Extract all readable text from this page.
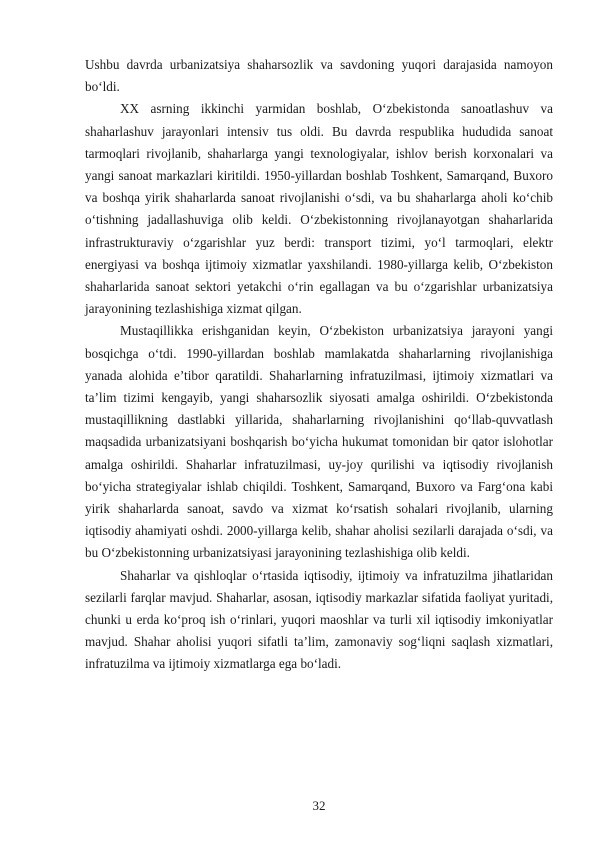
Ushbu davrda urbanizatsiya shaharsozlik va savdoning yuqori darajasida namoyon bo‘ldi.

XX asrning ikkinchi yarmidan boshlab, O‘zbekistonda sanoatlashuv va shaharlashuv jarayonlari intensiv tus oldi. Bu davrda respublika hududida sanoat tarmoqlari rivojlanib, shaharlarga yangi texnologiyalar, ishlov berish korxonalari va yangi sanoat markazlari kiritildi. 1950-yillardan boshlab Toshkent, Samarqand, Buxoro va boshqa yirik shaharlarda sanoat rivojlanishi o‘sdi, va bu shaharlarga aholi ko‘chib o‘tishning jadallashuviga olib keldi. O‘zbekistonning rivojlanayotgan shaharlarida infrastrukturaviy o‘zgarishlar yuz berdi: transport tizimi, yo‘l tarmoqlari, elektr energiyasi va boshqa ijtimoiy xizmatlar yaxshilandi. 1980-yillarga kelib, O‘zbekiston shaharlarida sanoat sektori yetakchi o‘rin egallagan va bu o‘zgarishlar urbanizatsiya jarayonining tezlashishiga xizmat qilgan.

Mustaqillikka erishganidan keyin, O‘zbekiston urbanizatsiya jarayoni yangi bosqichga o‘tdi. 1990-yillardan boshlab mamlakatda shaharlarning rivojlanishiga yanada alohida e’tibor qaratildi. Shaharlarning infratuzilmasi, ijtimoiy xizmatlari va ta’lim tizimi kengayib, yangi shaharsozlik siyosati amalga oshirildi. O‘zbekistonda mustaqillikning dastlabki yillarida, shaharlarning rivojlanishini qo‘llab-quvvatlash maqsadida urbanizatsiyani boshqarish bo‘yicha hukumat tomonidan bir qator islohotlar amalga oshirildi. Shaharlar infratuzilmasi, uy-joy qurilishi va iqtisodiy rivojlanish bo‘yicha strategiyalar ishlab chiqildi. Toshkent, Samarqand, Buxoro va Farg‘ona kabi yirik shaharlarda sanoat, savdo va xizmat ko‘rsatish sohalari rivojlanib, ularning iqtisodiy ahamiyati oshdi. 2000-yillarga kelib, shahar aholisi sezilarli darajada o‘sdi, va bu O‘zbekistonning urbanizatsiyasi jarayonining tezlashishiga olib keldi.

Shaharlar va qishloqlar o‘rtasida iqtisodiy, ijtimoiy va infratuzilma jihatlaridan sezilarli farqlar mavjud. Shaharlar, asosan, iqtisodiy markazlar sifatida faoliyat yuritadi, chunki u erda ko‘proq ish o‘rinlari, yuqori maoshlar va turli xil iqtisodiy imkoniyatlar mavjud. Shahar aholisi yuqori sifatli ta’lim, zamonaviy sog‘liqni saqlash xizmatlari, infratuzilma va ijtimoiy xizmatlarga ega bo‘ladi.

32
